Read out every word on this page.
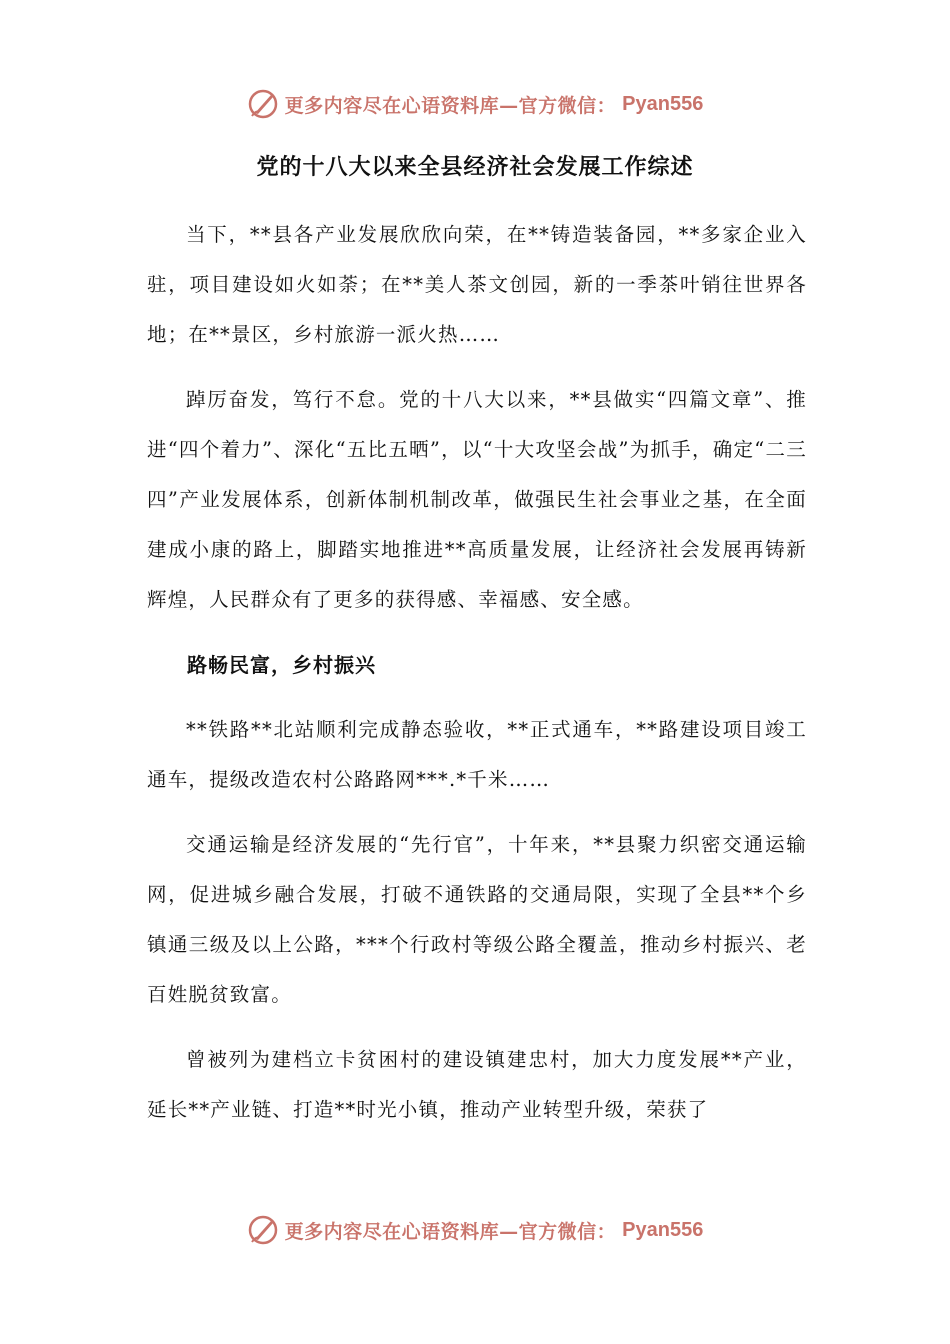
更多内容尽在心语资料库—官方微信： Pyan556
党的十八大以来全县经济社会发展工作综述

当下，**县各产业发展欣欣向荣，在**铸造装备园，**多家企业入驻，项目建设如火如荼；在**美人茶文创园，新的一季茶叶销往世界各地；在**景区，乡村旅游一派火热……

踔厉奋发，笃行不怠。党的十八大以来，**县做实“四篇文章”、推进“四个着力”、深化“五比五晒”，以“十大攻坚会战”为抓手，确定“二三四”产业发展体系，创新体制机制改革，做强民生社会事业之基，在全面建成小康的路上，脚踏实地推进**高质量发展，让经济社会发展再铸新辉煌，人民群众有了更多的获得感、幸福感、安全感。

路畅民富，乡村振兴

**铁路**北站顺利完成静态验收，**正式通车，**路建设项目竣工通车，提级改造农村公路路网***.*千米……

交通运输是经济发展的“先行官”，十年来，**县聚力织密交通运输网，促进城乡融合发展，打破不通铁路的交通局限，实现了全县**个乡镇通三级及以上公路，***个行政村等级公路全覆盖，推动乡村振兴、老百姓脱贫致富。

曾被列为建档立卡贫困村的建设镇建忠村，加大力度发展**产业，延长**产业链、打造**时光小镇，推动产业转型升级，荣获了

更多内容尽在心语资料库—官方微信： Pyan556
